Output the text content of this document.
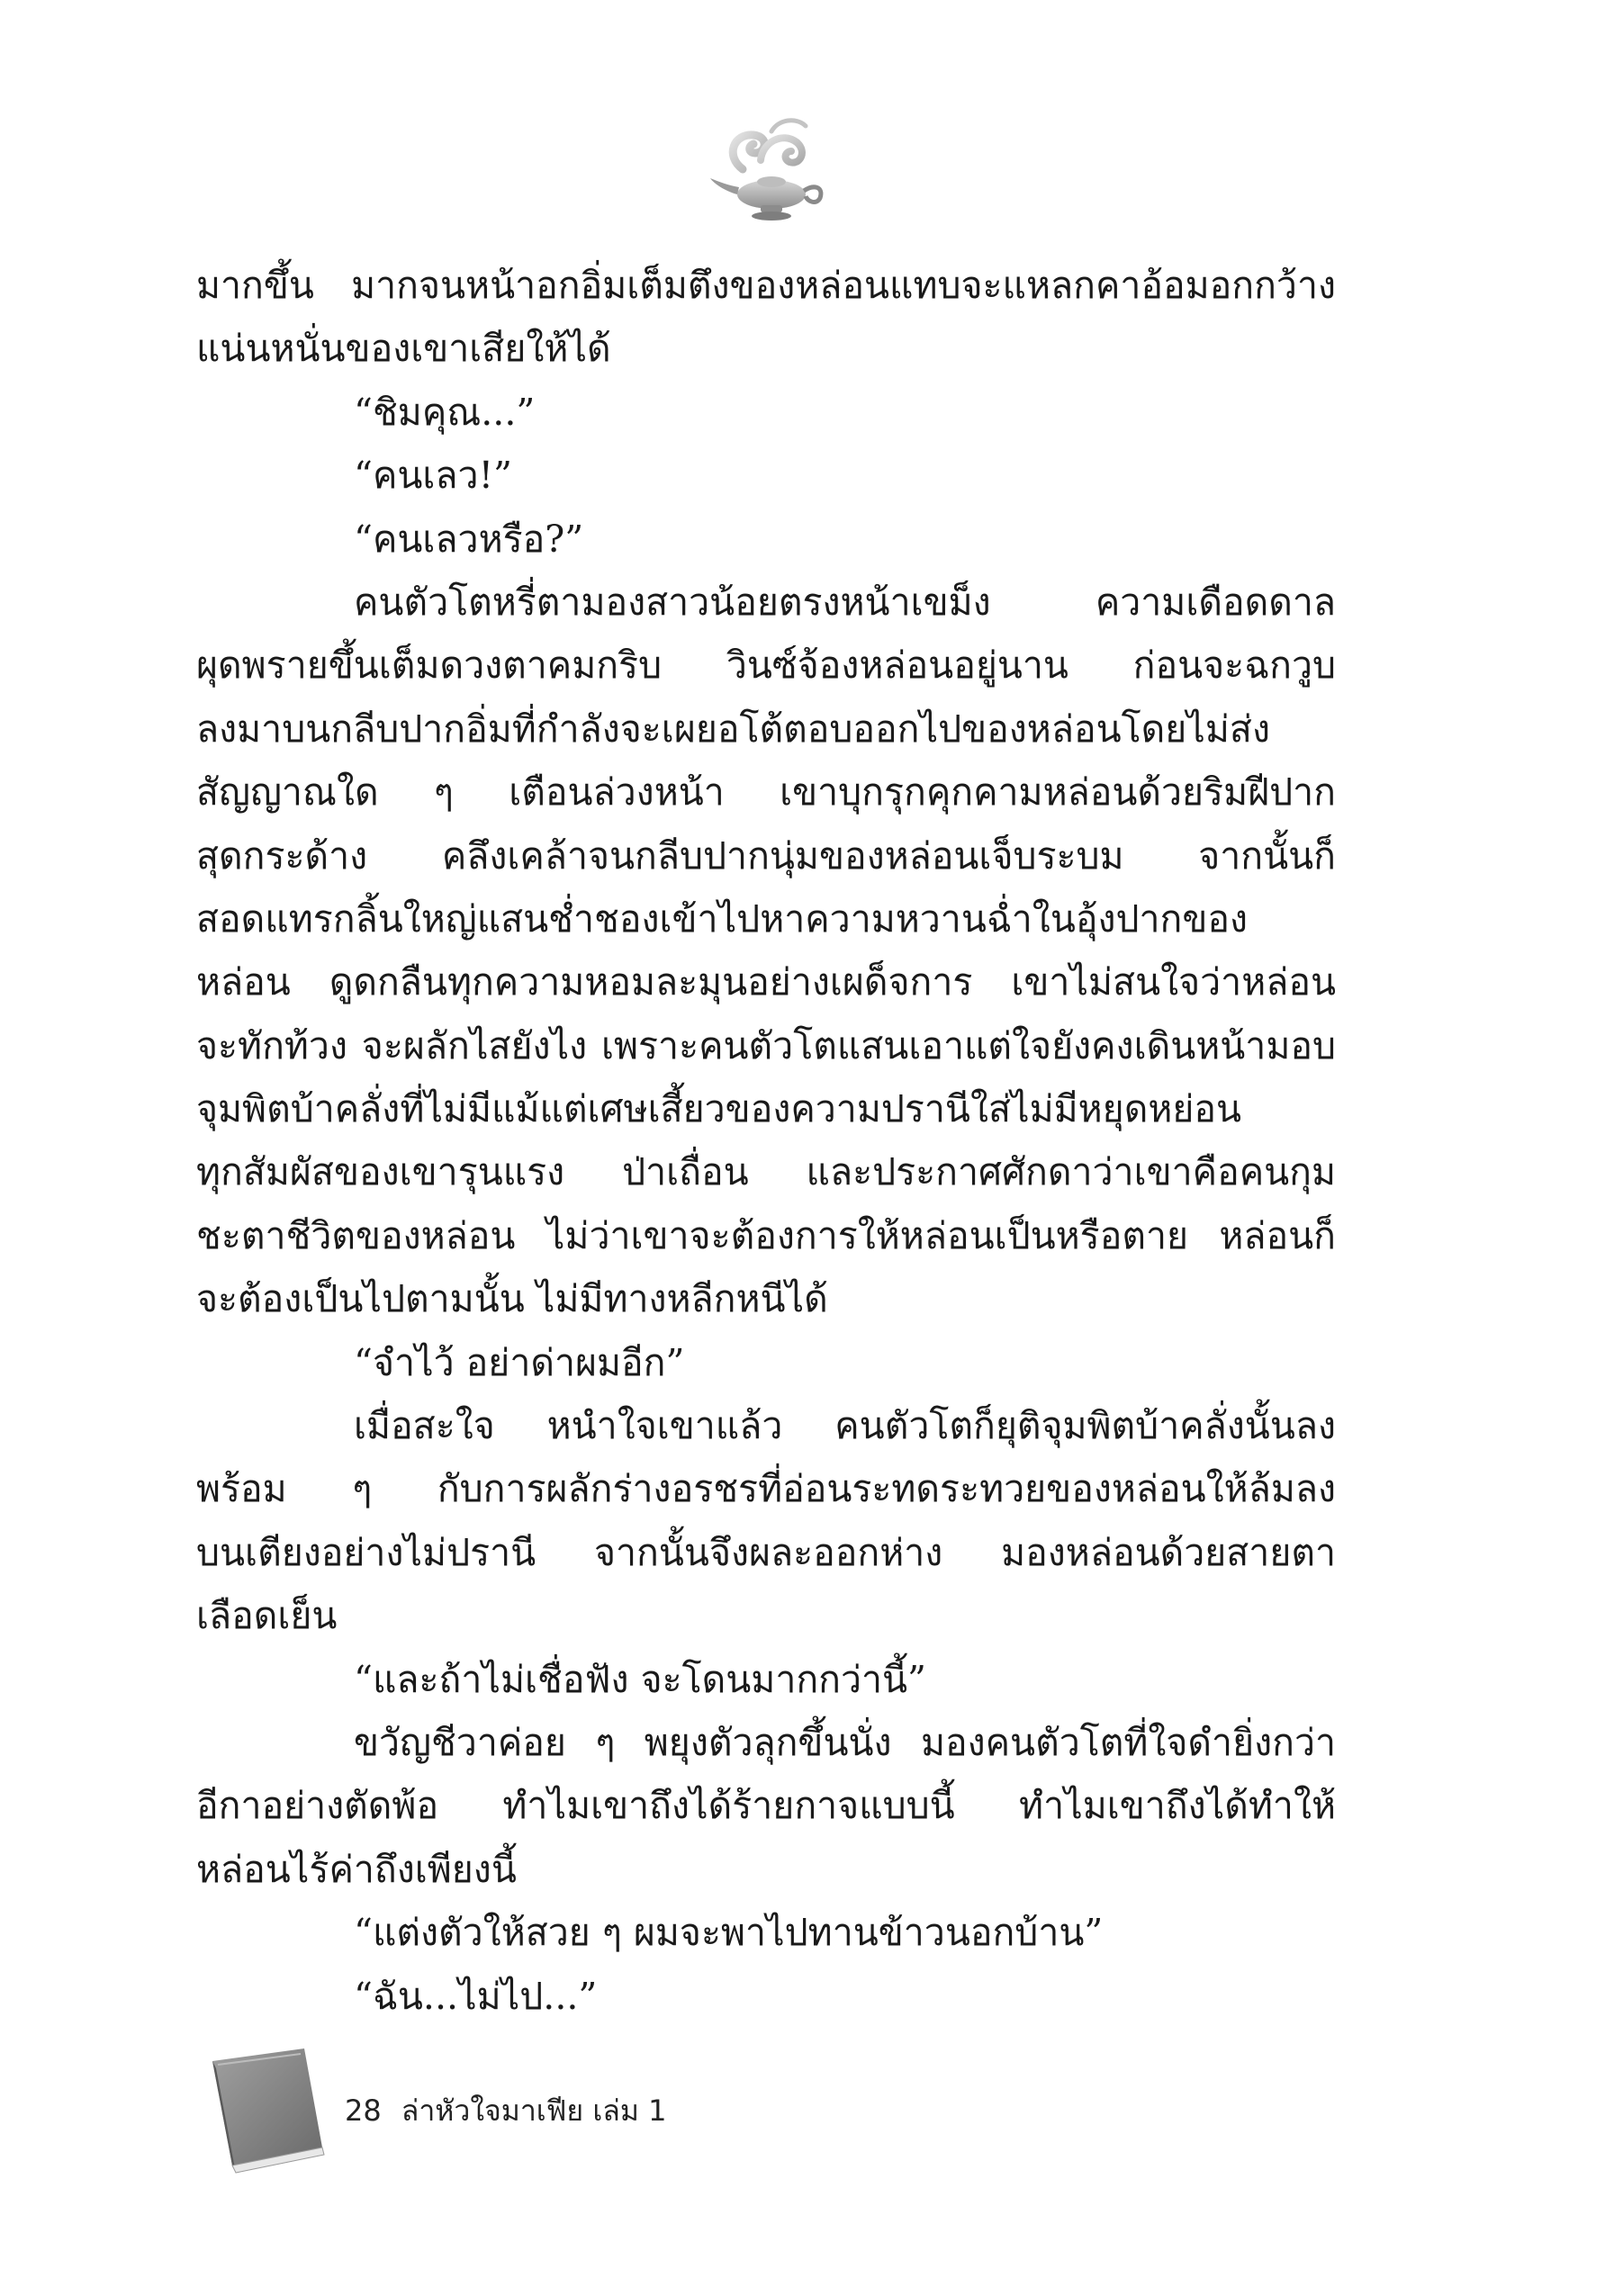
มากขึ้น มากจนหน้าอกอิ่มเต็มตึงของหล่อนแทบจะแหลกคาอ้อมอกกว้าง
แน่นหนั่นของเขาเสียให้ได้
“ชิมคุณ...”
“คนเลว!”
“คนเลวหรือ?”
คนตัวโตหรี่ตามองสาวน้อยตรงหน้าเขม็ง ความเดือดดาล
ผุดพรายขึ้นเต็มดวงตาคมกริบ วินซ์จ้องหล่อนอยู่นาน ก่อนจะฉกวูบ
ลงมาบนกลีบปากอิ่มที่กำลังจะเผยอโต้ตอบออกไปของหล่อนโดยไม่ส่ง
สัญญาณใด ๆ เตือนล่วงหน้า เขาบุกรุกคุกคามหล่อนด้วยริมฝีปาก
สุดกระด้าง คลึงเคล้าจนกลีบปากนุ่มของหล่อนเจ็บระบม จากนั้นก็
สอดแทรกลิ้นใหญ่แสนช่ำชองเข้าไปหาความหวานฉ่ำในอุ้งปากของ
หล่อน ดูดกลืนทุกความหอมละมุนอย่างเผด็จการ เขาไม่สนใจว่าหล่อน
จะทักท้วง จะผลักไสยังไง เพราะคนตัวโตแสนเอาแต่ใจยังคงเดินหน้ามอบ
จุมพิตบ้าคลั่งที่ไม่มีแม้แต่เศษเสี้ยวของความปรานีใส่ไม่มีหยุดหย่อน
ทุกสัมผัสของเขารุนแรง ป่าเถื่อน และประกาศศักดาว่าเขาคือคนกุม
ชะตาชีวิตของหล่อน ไม่ว่าเขาจะต้องการให้หล่อนเป็นหรือตาย หล่อนก็
จะต้องเป็นไปตามนั้น ไม่มีทางหลีกหนีได้
“จำไว้ อย่าด่าผมอีก”
เมื่อสะใจ หนำใจเขาแล้ว คนตัวโตก็ยุติจุมพิตบ้าคลั่งนั้นลง
พร้อม ๆ กับการผลักร่างอรชรที่อ่อนระทดระทวยของหล่อนให้ล้มลง
บนเตียงอย่างไม่ปรานี จากนั้นจึงผละออกห่าง มองหล่อนด้วยสายตา
เลือดเย็น
“และถ้าไม่เชื่อฟัง จะโดนมากกว่านี้”
ขวัญชีวาค่อย ๆ พยุงตัวลุกขึ้นนั่ง มองคนตัวโตที่ใจดำยิ่งกว่า
อีกาอย่างตัดพ้อ ทำไมเขาถึงได้ร้ายกาจแบบนี้ ทำไมเขาถึงได้ทำให้
หล่อนไร้ค่าถึงเพียงนี้
“แต่งตัวให้สวย ๆ ผมจะพาไปทานข้าวนอกบ้าน”
“ฉัน...ไม่ไป...”
28 ล่าหัวใจมาเฟีย เล่ม 1
